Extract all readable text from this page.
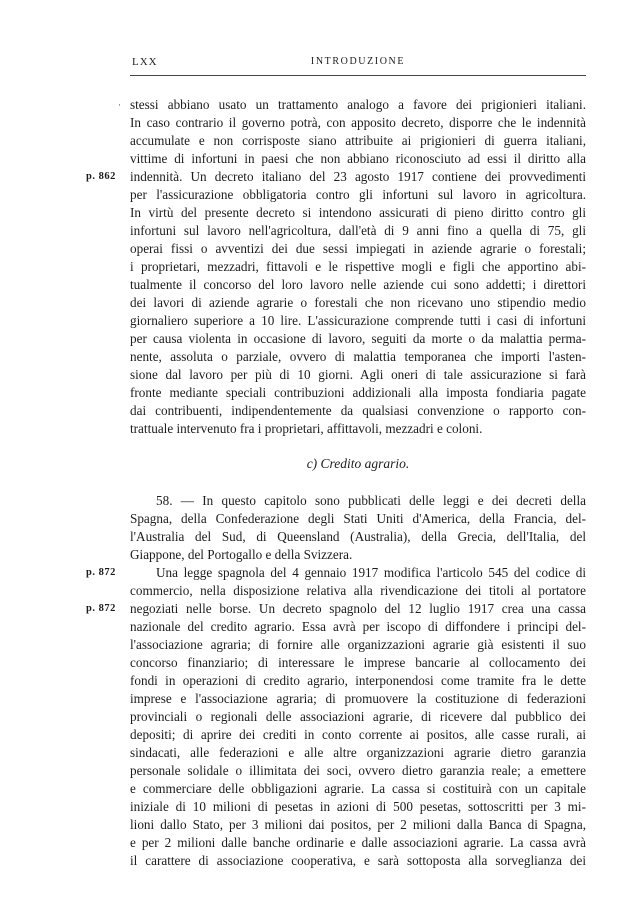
LXX	INTRODUZIONE
· stessi abbiano usato un trattamento analogo a favore dei prigionieri italiani.
In caso contrario il governo potrà, con apposito decreto, disporre che le indennità
accumulate e non corrisposte siano attribuite ai prigionieri di guerra italiani,
vittime di infortuni in paesi che non abbiano riconosciuto ad essi il diritto alla
p. 862 indennità. Un decreto italiano del 23 agosto 1917 contiene dei provvedimenti
per l'assicurazione obbligatoria contro gli infortuni sul lavoro in agricoltura.
In virtù del presente decreto si intendono assicurati di pieno diritto contro gli
infortuni sul lavoro nell'agricoltura, dall'età di 9 anni fino a quella di 75, gli
operai fissi o avventizi dei due sessi impiegati in aziende agrarie o forestali;
i proprietari, mezzadri, fittavoli e le rispettive mogli e figli che apportino abi-
tualmente il concorso del loro lavoro nelle aziende cui sono addetti; i direttori
dei lavori di aziende agrarie o forestali che non ricevano uno stipendio medio
giornaliero superiore a 10 lire. L'assicurazione comprende tutti i casi di infortuni
per causa violenta in occasione di lavoro, seguiti da morte o da malattia perma-
nente, assoluta o parziale, ovvero di malattia temporanea che importi l'asten-
sione dal lavoro per più di 10 giorni. Agli oneri di tale assicurazione si farà
fronte mediante speciali contribuzioni addizionali alla imposta fondiaria pagate
dai contribuenti, indipendentemente da qualsiasi convenzione o rapporto con-
trattuale intervenuto fra i proprietari, affittavoli, mezzadri e coloni.
c) Credito agrario.
58. — In questo capitolo sono pubblicati delle leggi e dei decreti della
Spagna, della Confederazione degli Stati Uniti d'America, della Francia, del-
l'Australia del Sud, di Queensland (Australia), della Grecia, dell'Italia, del
Giappone, del Portogallo e della Svizzera.
p. 872	Una legge spagnola del 4 gennaio 1917 modifica l'articolo 545 del codice di
commercio, nella disposizione relativa alla rivendicazione dei titoli al portatore
p. 872 negoziati nelle borse. Un decreto spagnolo del 12 luglio 1917 crea una cassa
nazionale del credito agrario. Essa avrà per iscopo di diffondere i principi del-
l'associazione agraria; di fornire alle organizzazioni agrarie già esistenti il suo
concorso finanziario; di interessare le imprese bancarie al collocamento dei
fondi in operazioni di credito agrario, interponendosi come tramite fra le dette
imprese e l'associazione agraria; di promuovere la costituzione di federazioni
provinciali o regionali delle associazioni agrarie, di ricevere dal pubblico dei
depositi; di aprire dei crediti in conto corrente ai positos, alle casse rurali, ai
sindacati, alle federazioni e alle altre organizzazioni agrarie dietro garanzia
personale solidale o illimitata dei soci, ovvero dietro garanzia reale; a emettere
e commerciare delle obbligazioni agrarie. La cassa si costituirà con un capitale
iniziale di 10 milioni di pesetas in azioni di 500 pesetas, sottoscritti per 3 mi-
lioni dallo Stato, per 3 milioni dai positos, per 2 milioni dalla Banca di Spagna,
e per 2 milioni dalle banche ordinarie e dalle associazioni agrarie. La cassa avrà
il carattere di associazione cooperativa, e sarà sottoposta alla sorveglianza dei
